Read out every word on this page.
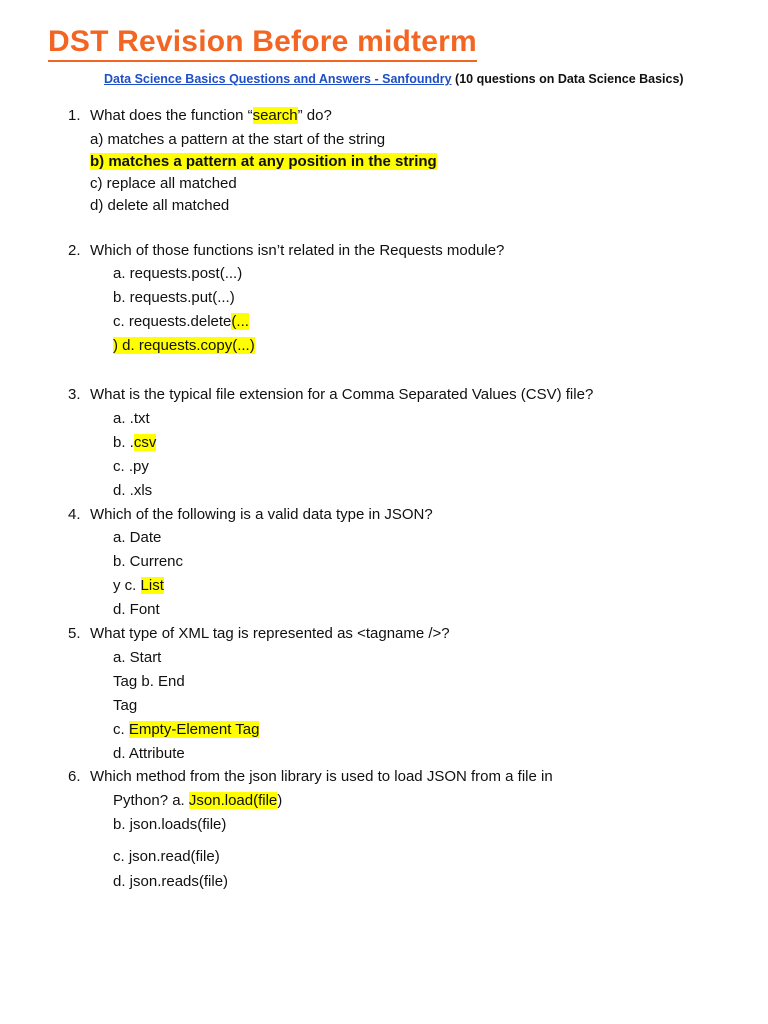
DST Revision Before midterm
Data Science Basics Questions and Answers - Sanfoundry (10 questions on Data Science Basics)
1. What does the function “search” do?
a) matches a pattern at the start of the string
b) matches a pattern at any position in the string
c) replace all matched
d) delete all matched
2. Which of those functions isn’t related in the Requests module?
a. requests.post(...)
b. requests.put(...)
c. requests.delete(...
) d. requests.copy(...)
3. What is the typical file extension for a Comma Separated Values (CSV) file?
a. .txt
b. .csv
c. .py
d. .xls
4. Which of the following is a valid data type in JSON?
a. Date
b. Currenc
y c. List
d. Font
5. What type of XML tag is represented as <tagname />?
a. Start
Tag b. End
Tag
c. Empty-Element Tag
d. Attribute
6. Which method from the json library is used to load JSON from a file in
Python? a. Json.load(file)
b. json.loads(file)
c. json.read(file)
d. json.reads(file)
